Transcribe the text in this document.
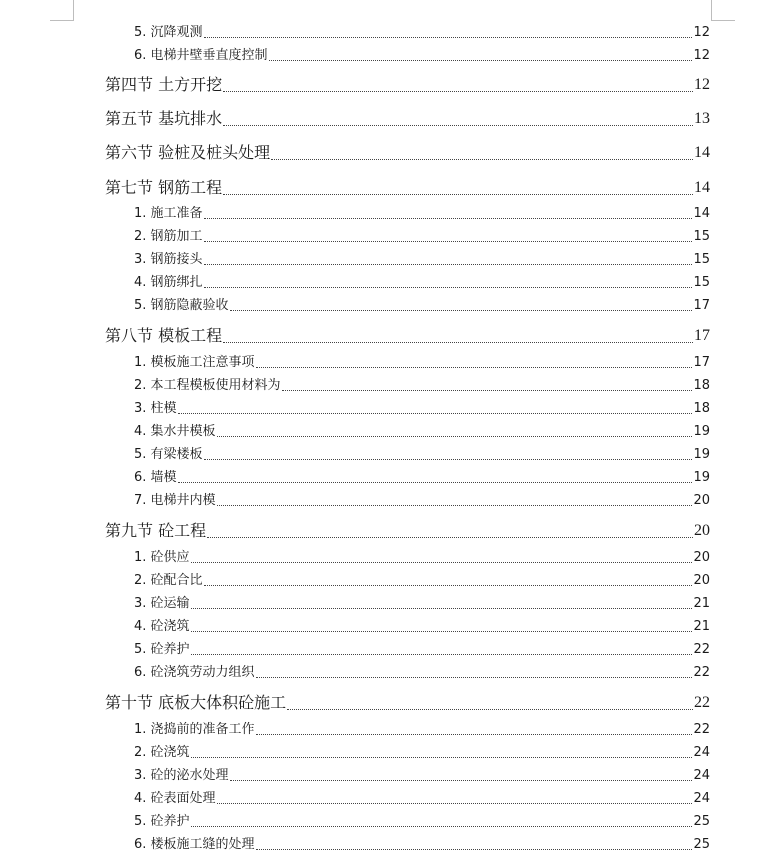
5. 沉降观测	12
6. 电梯井壁垂直度控制	12
第四节 土方开挖	12
第五节 基坑排水	13
第六节 验桩及桩头处理	14
第七节 钢筋工程	14
1. 施工准备	14
2. 钢筋加工	15
3. 钢筋接头	15
4. 钢筋绑扎	15
5. 钢筋隐蔽验收	17
第八节 模板工程	17
1. 模板施工注意事项	17
2. 本工程模板使用材料为	18
3. 柱模	18
4. 集水井模板	19
5. 有梁楼板	19
6. 墙模	19
7. 电梯井内模	20
第九节 砼工程	20
1. 砼供应	20
2. 砼配合比	20
3. 砼运输	21
4. 砼浇筑	21
5. 砼养护	22
6. 砼浇筑劳动力组织	22
第十节 底板大体积砼施工	22
1. 浇捣前的准备工作	22
2. 砼浇筑	24
3. 砼的泌水处理	24
4. 砼表面处理	24
5. 砼养护	25
6. 楼板施工缝的处理	25
